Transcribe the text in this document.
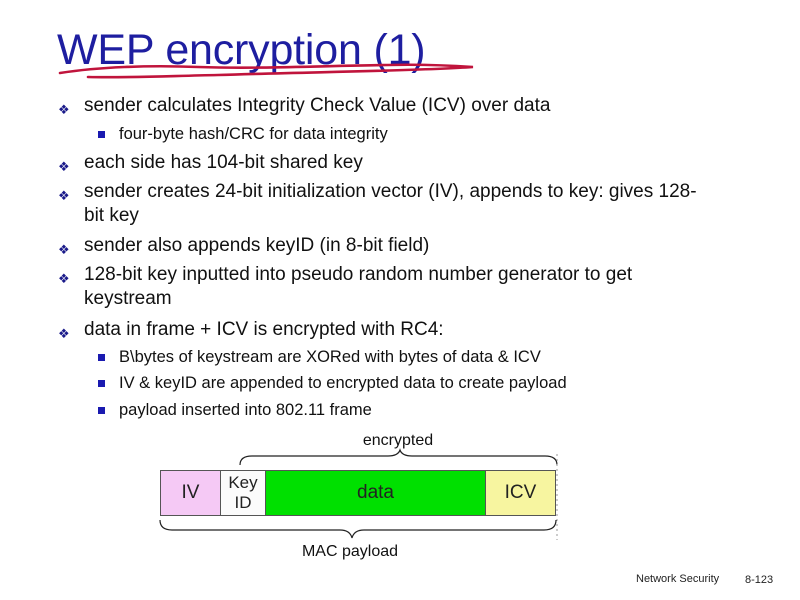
WEP encryption (1)
❖ sender calculates Integrity Check Value (ICV) over data
four-byte hash/CRC for data integrity
❖ each side has 104-bit shared key
❖ sender creates 24-bit initialization vector (IV), appends to key: gives 128-bit key
❖ sender also appends keyID (in 8-bit field)
❖ 128-bit key inputted into pseudo random number generator to get keystream
❖ data in frame + ICV is encrypted with RC4:
B\bytes of keystream are XORed with bytes of data & ICV
IV & keyID are appended to encrypted data to create payload
payload inserted into 802.11 frame
encrypted
IV	Key ID	data	ICV
MAC payload
Network Security 8-123
